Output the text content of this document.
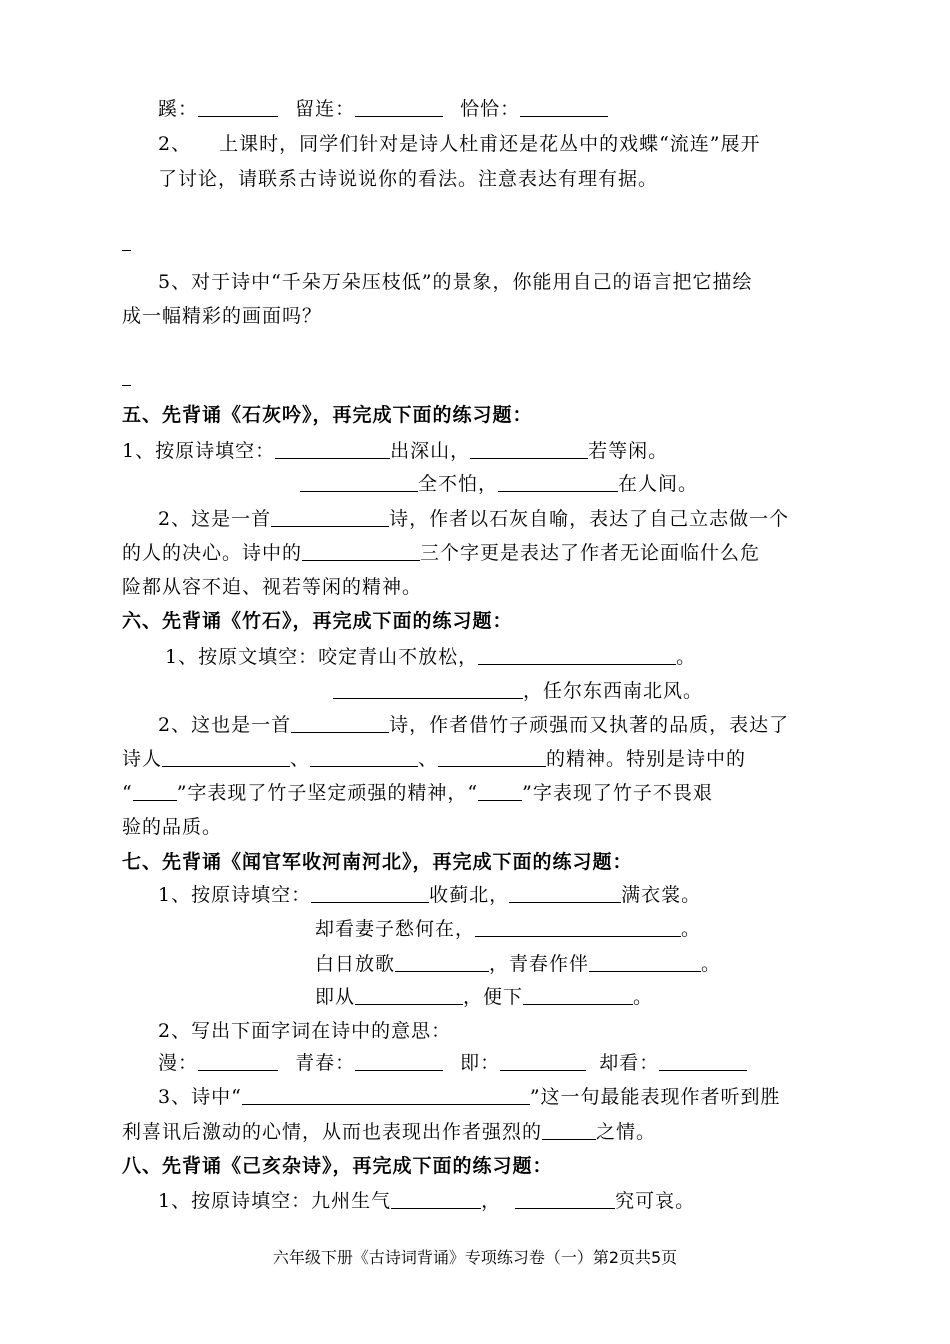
蹊：	留连：	恰恰：
2、 上课时，同学们针对是诗人杜甫还是花丛中的戏蝶“流连”展开
了讨论，请联系古诗说说你的看法。注意表达有理有据。
5、对于诗中“千朵万朵压枝低”的景象，你能用自己的语言把它描绘
成一幅精彩的画面吗？
五、先背诵《石灰吟》，再完成下面的练习题：
1、按原诗填空：	出深山，	若等闲。
全不怕，	在人间。
2、这是一首	诗，作者以石灰自喻，表达了自己立志做一个
的人的决心。诗中的	三个字更是表达了作者无论面临什么危
险都从容不迫、视若等闲的精神。
六、先背诵《竹石》，再完成下面的练习题：
1、按原文填空：咬定青山不放松，	。
，任尔东西南北风。
2、这也是一首	诗，作者借竹子顽强而又执著的品质，表达了
诗人	、	、	的精神。特别是诗中的
“ ”字表现了竹子坚定顽强的精神，“ ”字表现了竹子不畏艰
验的品质。
七、先背诵《闻官军收河南河北》，再完成下面的练习题：
1、按原诗填空：	收蓟北，	满衣裳。
却看妻子愁何在，	。
白日放歌	，青春作伴	。
即从	，便下	。
2、写出下面字词在诗中的意思：
漫：	青春：	即：	却看：
3、诗中“	”这一句最能表现作者听到胜
利喜讯后激动的心情，从而也表现出作者强烈的	之情。
八、先背诵《己亥杂诗》，再完成下面的练习题：
1、按原诗填空：九州生气	，	究可哀。
六年级下册《古诗词背诵》专项练习卷（一）第2页共5页
